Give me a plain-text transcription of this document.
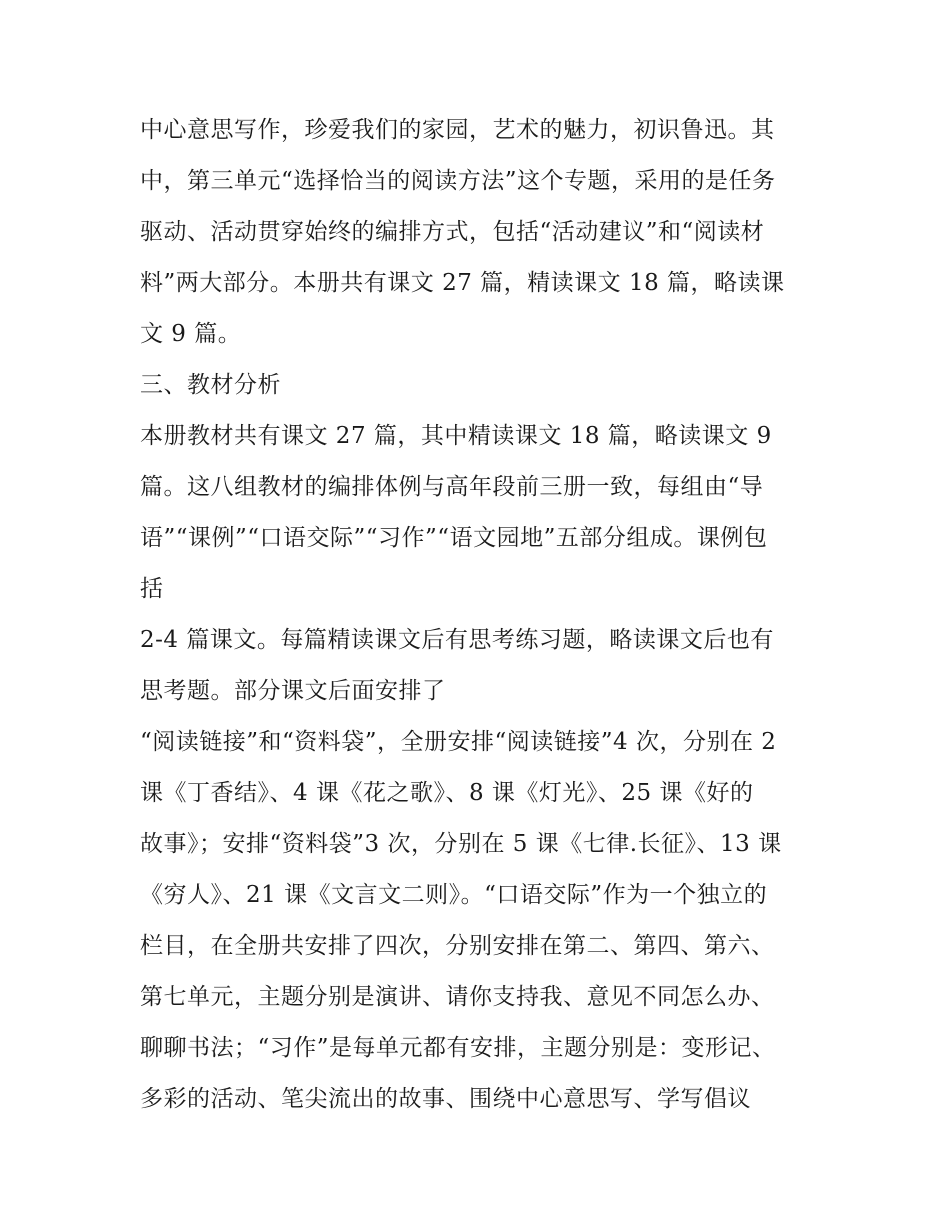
中心意思写作，珍爱我们的家园，艺术的魅力，初识鲁迅。其
中，第三单元“选择恰当的阅读方法”这个专题，采用的是任务
驱动、活动贯穿始终的编排方式，包括“活动建议”和“阅读材
料”两大部分。本册共有课文 27 篇，精读课文 18 篇，略读课
文 9 篇。
三、教材分析
本册教材共有课文 27 篇，其中精读课文 18 篇，略读课文 9
篇。这八组教材的编排体例与高年段前三册一致，每组由“导
语”“课例”“口语交际”“习作”“语文园地”五部分组成。课例包
括
2-4 篇课文。每篇精读课文后有思考练习题，略读课文后也有
思考题。部分课文后面安排了
“阅读链接”和“资料袋”，全册安排“阅读链接”4 次，分别在 2
课《丁香结》、4 课《花之歌》、8 课《灯光》、25 课《好的
故事》；安排“资料袋”3 次，分别在 5 课《七律.长征》、13 课
《穷人》、21 课《文言文二则》。“口语交际”作为一个独立的
栏目，在全册共安排了四次，分别安排在第二、第四、第六、
第七单元，主题分别是演讲、请你支持我、意见不同怎么办、
聊聊书法；“习作”是每单元都有安排，主题分别是：变形记、
多彩的活动、笔尖流出的故事、围绕中心意思写、学写倡议
